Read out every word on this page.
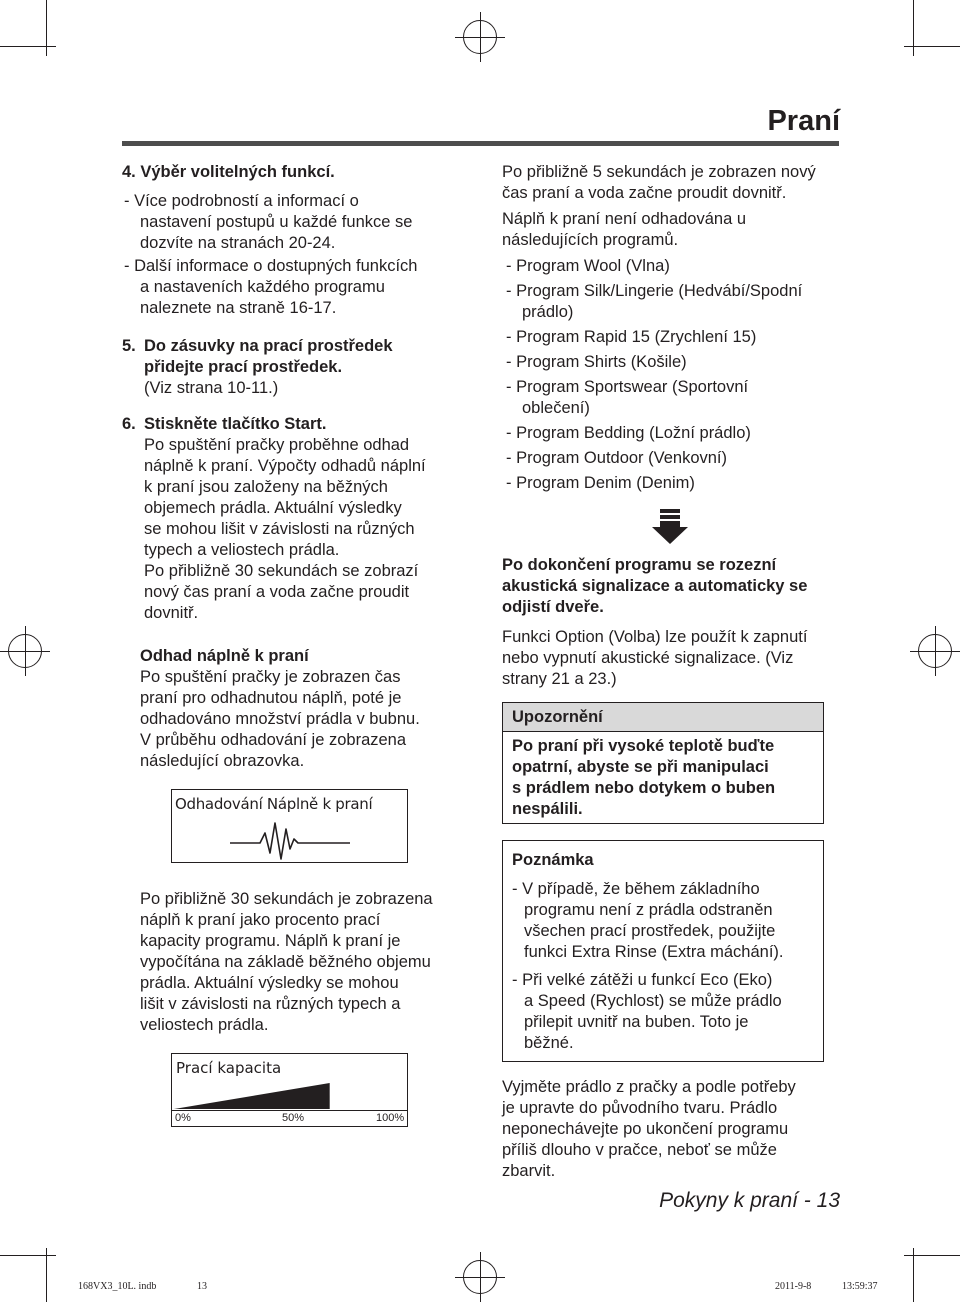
Praní
4. Výběr volitelných funkcí.
- Více podrobností a informací o
nastavení postupů u každé funkce se
dozvíte na stranách 20-24.
- Další informace o dostupných funkcích
a nastaveních každého programu
naleznete na straně 16-17.
5. Do zásuvky na prací prostředek
přidejte prací prostředek.
(Viz strana 10-11.)
6. Stiskněte tlačítko Start.
Po spuštění pračky proběhne odhad
náplně k praní. Výpočty odhadů náplní
k praní jsou založeny na běžných
objemech prádla. Aktuální výsledky
se mohou lišit v závislosti na různých
typech a veliostech prádla.
Po přibližně 30 sekundách se zobrazí
nový čas praní a voda začne proudit
dovnitř.
Odhad náplně k praní
Po spuštění pračky je zobrazen čas
praní pro odhadnutou náplň, poté je
odhadováno množství prádla v bubnu.
V průběhu odhadování je zobrazena
následující obrazovka.
Odhadování Náplně k praní
Po přibližně 30 sekundách je zobrazena
náplň k praní jako procento prací
kapacity programu. Náplň k praní je
vypočítána na základě běžného objemu
prádla. Aktuální výsledky se mohou
lišit v závislosti na různých typech a
veliostech prádla.
Prací kapacita
0%	50%	100%
Po přibližně 5 sekundách je zobrazen nový
čas praní a voda začne proudit dovnitř.
Náplň k praní není odhadována u
následujících programů.
- Program Wool (Vlna)
- Program Silk/Lingerie (Hedvábí/Spodní
prádlo)
- Program Rapid 15 (Zrychlení 15)
- Program Shirts (Košile)
- Program Sportswear (Sportovní
oblečení)
- Program Bedding (Ložní prádlo)
- Program Outdoor (Venkovní)
- Program Denim (Denim)
Po dokončení programu se rozezní
akustická signalizace a automaticky se
odjistí dveře.
Funkci Option (Volba) lze použít k zapnutí
nebo vypnutí akustické signalizace. (Viz
strany 21 a 23.)
Upozornění
Po praní při vysoké teplotě buďte
opatrní, abyste se při manipulaci
s prádlem nebo dotykem o buben
nespálili.
Poznámka
- V případě, že během základního
programu není z prádla odstraněn
všechen prací prostředek, použijte
funkci Extra Rinse (Extra máchání).
- Při velké zátěži u funkcí Eco (Eko)
a Speed (Rychlost) se může prádlo
přilepit uvnitř na buben. Toto je
běžné.
Vyjměte prádlo z pračky a podle potřeby
je upravte do původního tvaru. Prádlo
neponechávejte po ukončení programu
příliš dlouho v pračce, neboť se může
zbarvit.
Pokyny k praní - 13
168VX3_10L. indb	13	2011-9-8	13:59:37
